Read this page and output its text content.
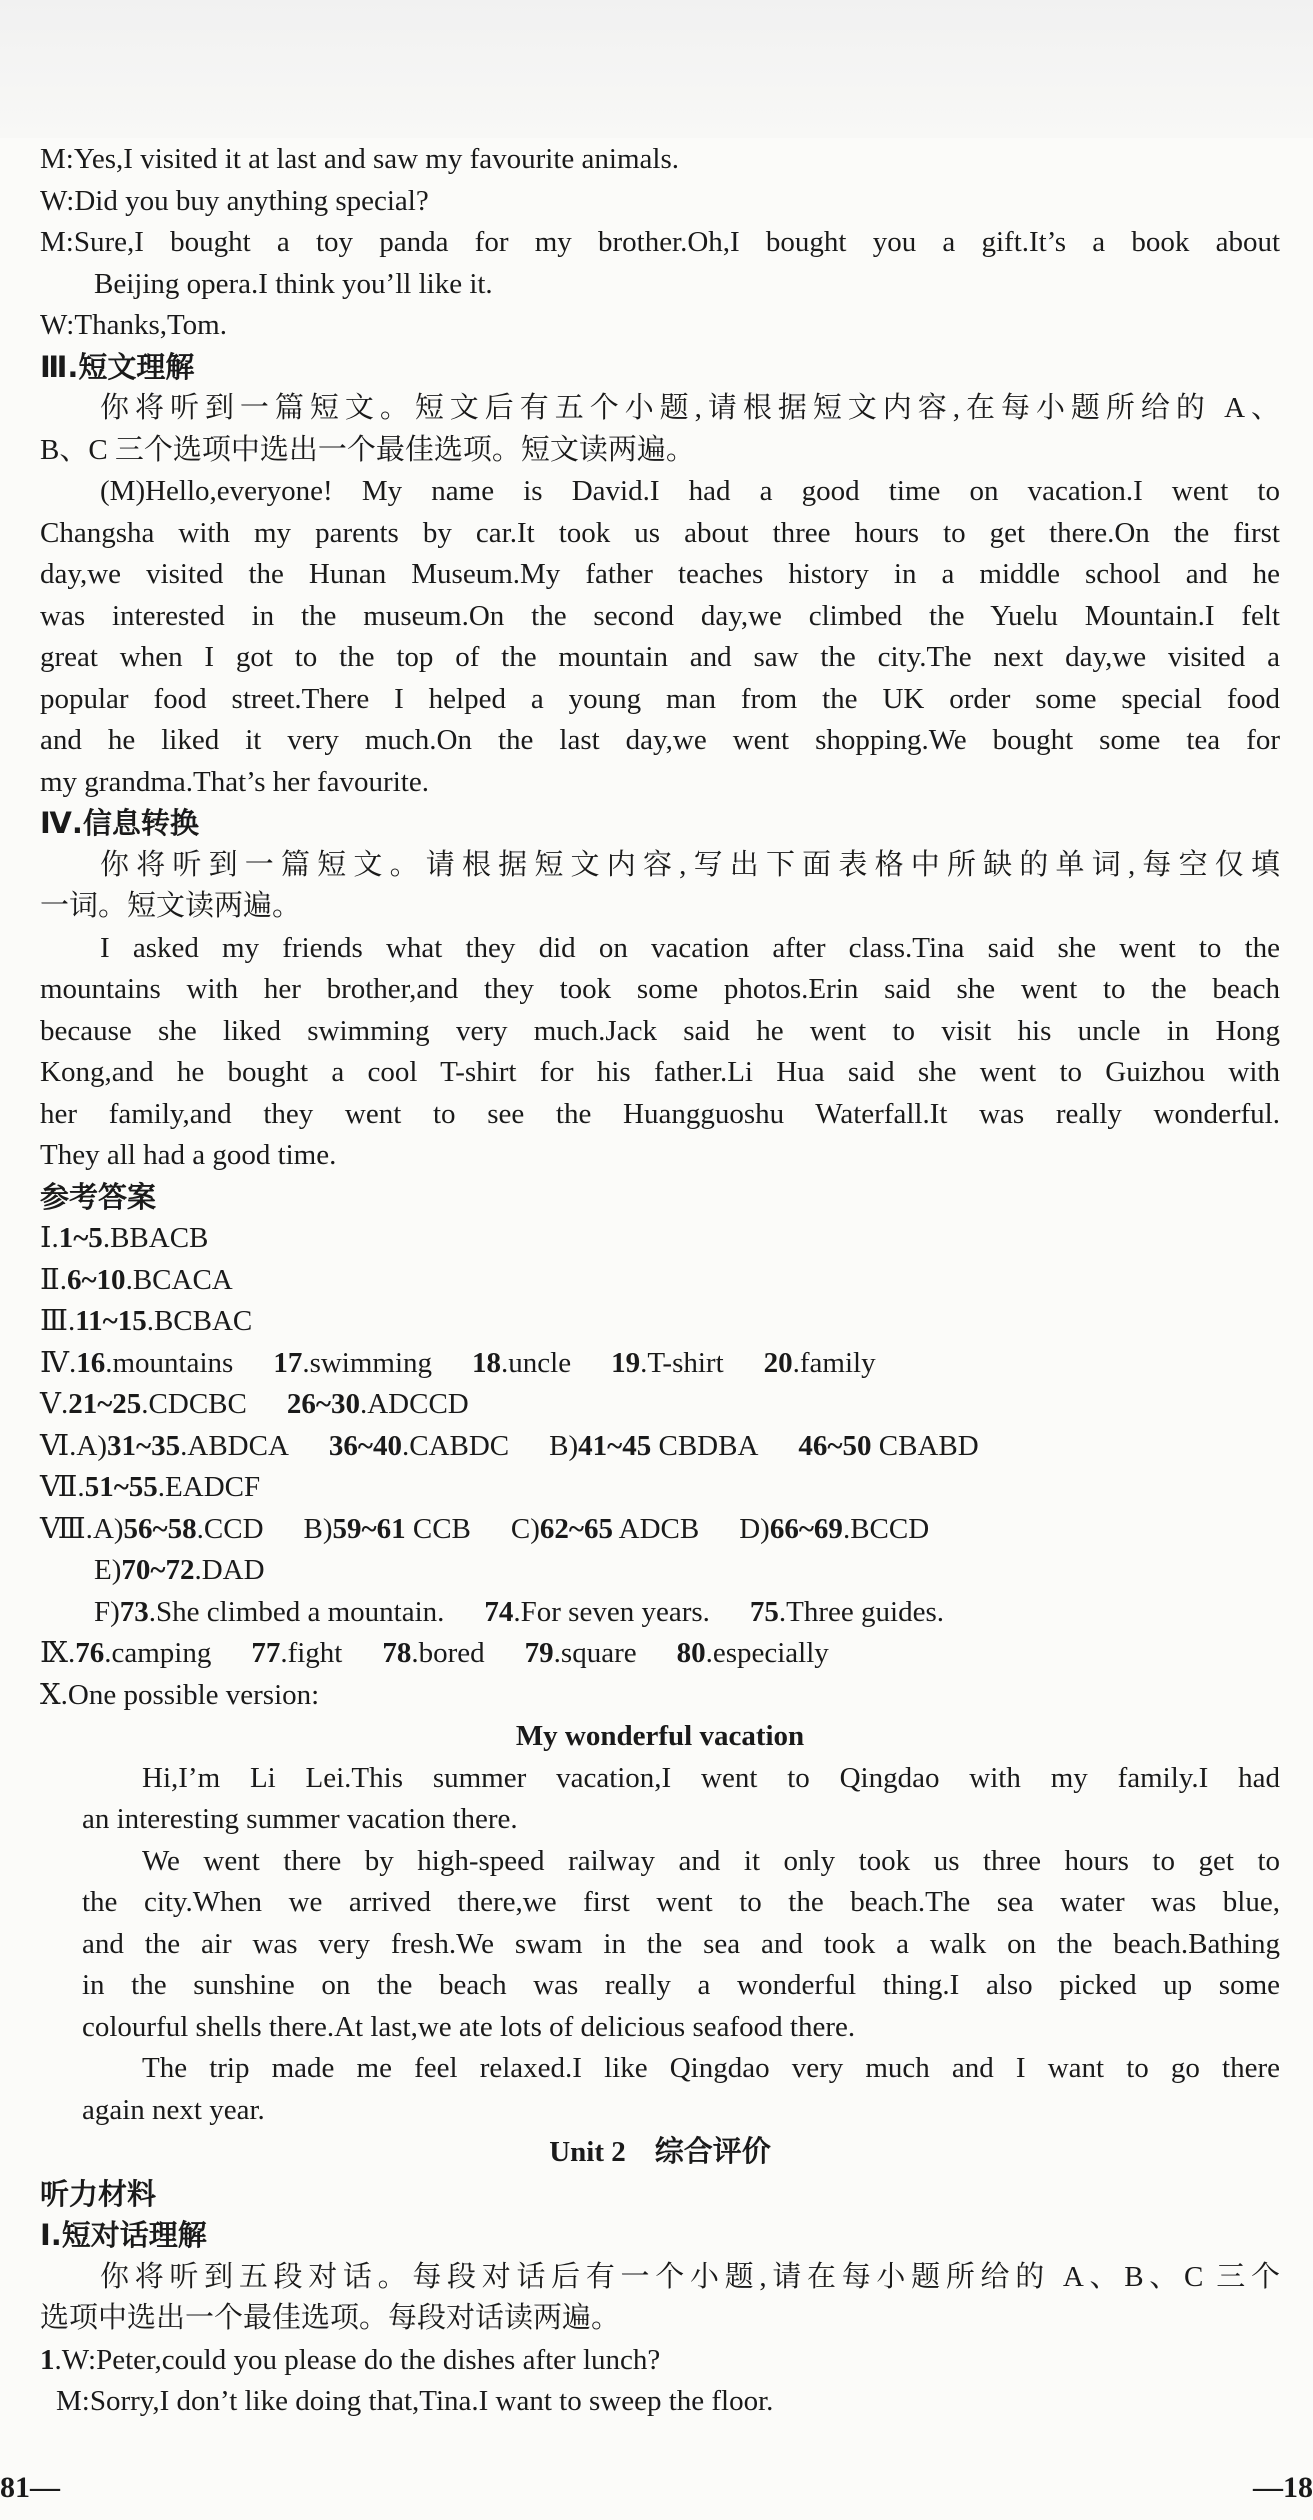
M:Yes,I visited it at last and saw my favourite animals.
W:Did you buy anything special?
M:Sure,I bought a toy panda for my brother.Oh,I bought you a gift.It’s a book about
Beijing opera.I think you’ll like it.
W:Thanks,Tom.
Ⅲ.短文理解
你将听到一篇短文。短文后有五个小题,请根据短文内容,在每小题所给的 A、
B、C 三个选项中选出一个最佳选项。短文读两遍。
(M)Hello,everyone! My name is David.I had a good time on vacation.I went to
Changsha with my parents by car.It took us about three hours to get there.On the first
day,we visited the Hunan Museum.My father teaches history in a middle school and he
was interested in the museum.On the second day,we climbed the Yuelu Mountain.I felt
great when I got to the top of the mountain and saw the city.The next day,we visited a
popular food street.There I helped a young man from the UK order some special food
and he liked it very much.On the last day,we went shopping.We bought some tea for
my grandma.That’s her favourite.
Ⅳ.信息转换
你将听到一篇短文。请根据短文内容,写出下面表格中所缺的单词,每空仅填
一词。短文读两遍。
I asked my friends what they did on vacation after class.Tina said she went to the
mountains with her brother,and they took some photos.Erin said she went to the beach
because she liked swimming very much.Jack said he went to visit his uncle in Hong
Kong,and he bought a cool T-shirt for his father.Li Hua said she went to Guizhou with
her family,and they went to see the Huangguoshu Waterfall.It was really wonderful.
They all had a good time.
参考答案
Ⅰ.1~5.BBACB
Ⅱ.6~10.BCACA
Ⅲ.11~15.BCBAC
Ⅳ.16.mountains 17.swimming 18.uncle 19.T-shirt 20.family
Ⅴ.21~25.CDCBC 26~30.ADCCD
Ⅵ.A)31~35.ABDCA 36~40.CABDC B)41~45 CBDBA 46~50 CBABD
Ⅶ.51~55.EADCF
Ⅷ.A)56~58.CCD B)59~61 CCB C)62~65 ADCB D)66~69.BCCD
E)70~72.DAD
F)73.She climbed a mountain. 74.For seven years. 75.Three guides.
Ⅸ.76.camping 77.fight 78.bored 79.square 80.especially
Ⅹ.One possible version:
My wonderful vacation
Hi,I’m Li Lei.This summer vacation,I went to Qingdao with my family.I had
an interesting summer vacation there.
We went there by high-speed railway and it only took us three hours to get to
the city.When we arrived there,we first went to the beach.The sea water was blue,
and the air was very fresh.We swam in the sea and took a walk on the beach.Bathing
in the sunshine on the beach was really a wonderful thing.I also picked up some
colourful shells there.At last,we ate lots of delicious seafood there.
The trip made me feel relaxed.I like Qingdao very much and I want to go there
again next year.
Unit 2 综合评价
听力材料
Ⅰ.短对话理解
你将听到五段对话。每段对话后有一个小题,请在每小题所给的 A、B、C 三个
选项中选出一个最佳选项。每段对话读两遍。
1.W:Peter,could you please do the dishes after lunch?
M:Sorry,I don’t like doing that,Tina.I want to sweep the floor.
81—	—18
